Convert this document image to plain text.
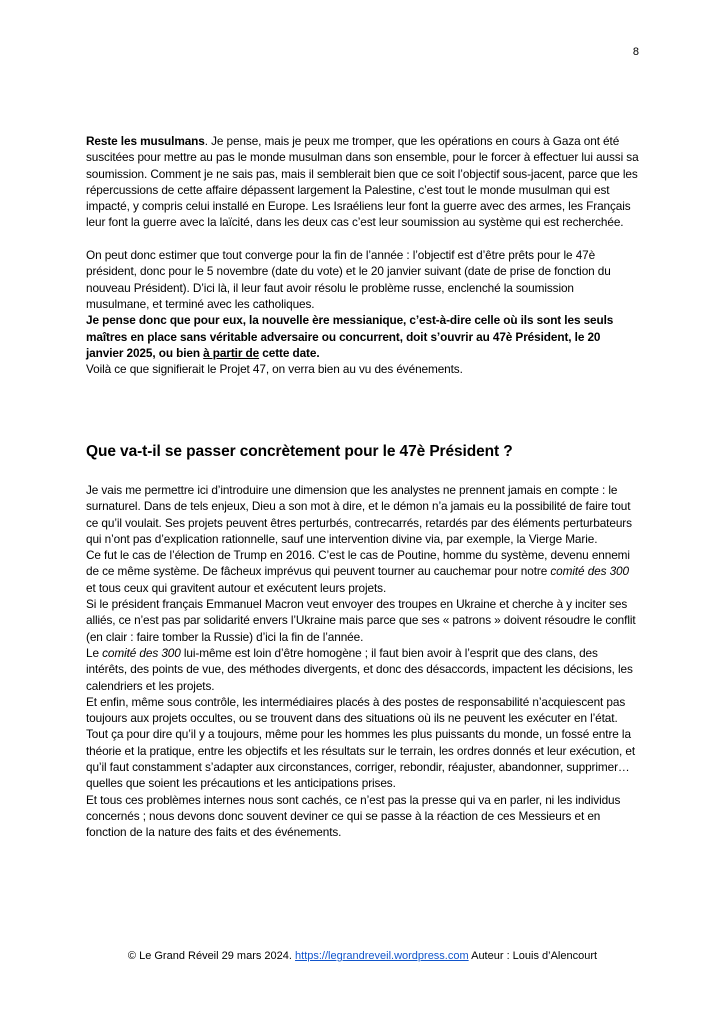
8

Reste les musulmans. Je pense, mais je peux me tromper, que les opérations en cours à Gaza ont été suscitées pour mettre au pas le monde musulman dans son ensemble, pour le forcer à effectuer lui aussi sa soumission. Comment je ne sais pas, mais il semblerait bien que ce soit l’objectif sous-jacent, parce que les répercussions de cette affaire dépassent largement la Palestine, c’est tout le monde musulman qui est impacté, y compris celui installé en Europe. Les Israéliens leur font la guerre avec des armes, les Français leur font la guerre avec la laïcité, dans les deux cas c’est leur soumission au système qui est recherchée.

On peut donc estimer que tout converge pour la fin de l’année : l’objectif est d’être prêts pour le 47è président, donc pour le 5 novembre (date du vote) et le 20 janvier suivant (date de prise de fonction du nouveau Président). D’ici là, il leur faut avoir résolu le problème russe, enclenché la soumission musulmane, et terminé avec les catholiques.

Je pense donc que pour eux, la nouvelle ère messianique, c’est-à-dire celle où ils sont les seuls maîtres en place sans véritable adversaire ou concurrent, doit s’ouvrir au 47è Président, le 20 janvier 2025, ou bien à partir de cette date.

Voilà ce que signifierait le Projet 47, on verra bien au vu des événements.

Que va-t-il se passer concrètement pour le 47è Président ?

Je vais me permettre ici d’introduire une dimension que les analystes ne prennent jamais en compte : le surnaturel. Dans de tels enjeux, Dieu a son mot à dire, et le démon n’a jamais eu la possibilité de faire tout ce qu’il voulait. Ses projets peuvent êtres perturbés, contrecarrés, retardés par des éléments perturbateurs qui n’ont pas d’explication rationnelle, sauf une intervention divine via, par exemple, la Vierge Marie.

Ce fut le cas de l’élection de Trump en 2016. C’est le cas de Poutine, homme du système, devenu ennemi de ce même système. De fâcheux imprévus qui peuvent tourner au cauchemar pour notre comité des 300 et tous ceux qui gravitent autour et exécutent leurs projets.

Si le président français Emmanuel Macron veut envoyer des troupes en Ukraine et cherche à y inciter ses alliés, ce n’est pas par solidarité envers l’Ukraine mais parce que ses « patrons » doivent résoudre le conflit (en clair : faire tomber la Russie) d’ici la fin de l’année.

Le comité des 300 lui-même est loin d’être homogène ; il faut bien avoir à l’esprit que des clans, des intérêts, des points de vue, des méthodes divergents, et donc des désaccords, impactent les décisions, les calendriers et les projets.

Et enfin, même sous contrôle, les intermédiaires placés à des postes de responsabilité n’acquiescent pas toujours aux projets occultes, ou se trouvent dans des situations où ils ne peuvent les exécuter en l’état.

Tout ça pour dire qu’il y a toujours, même pour les hommes les plus puissants du monde, un fossé entre la théorie et la pratique, entre les objectifs et les résultats sur le terrain, les ordres donnés et leur exécution, et qu’il faut constamment s’adapter aux circonstances, corriger, rebondir, réajuster, abandonner, supprimer… quelles que soient les précautions et les anticipations prises.

Et tous ces problèmes internes nous sont cachés, ce n’est pas la presse qui va en parler, ni les individus concernés ; nous devons donc souvent deviner ce qui se passe à la réaction de ces Messieurs et en fonction de la nature des faits et des événements.

© Le Grand Réveil 29 mars 2024. https://legrandreveil.wordpress.com Auteur : Louis d’Alencourt
